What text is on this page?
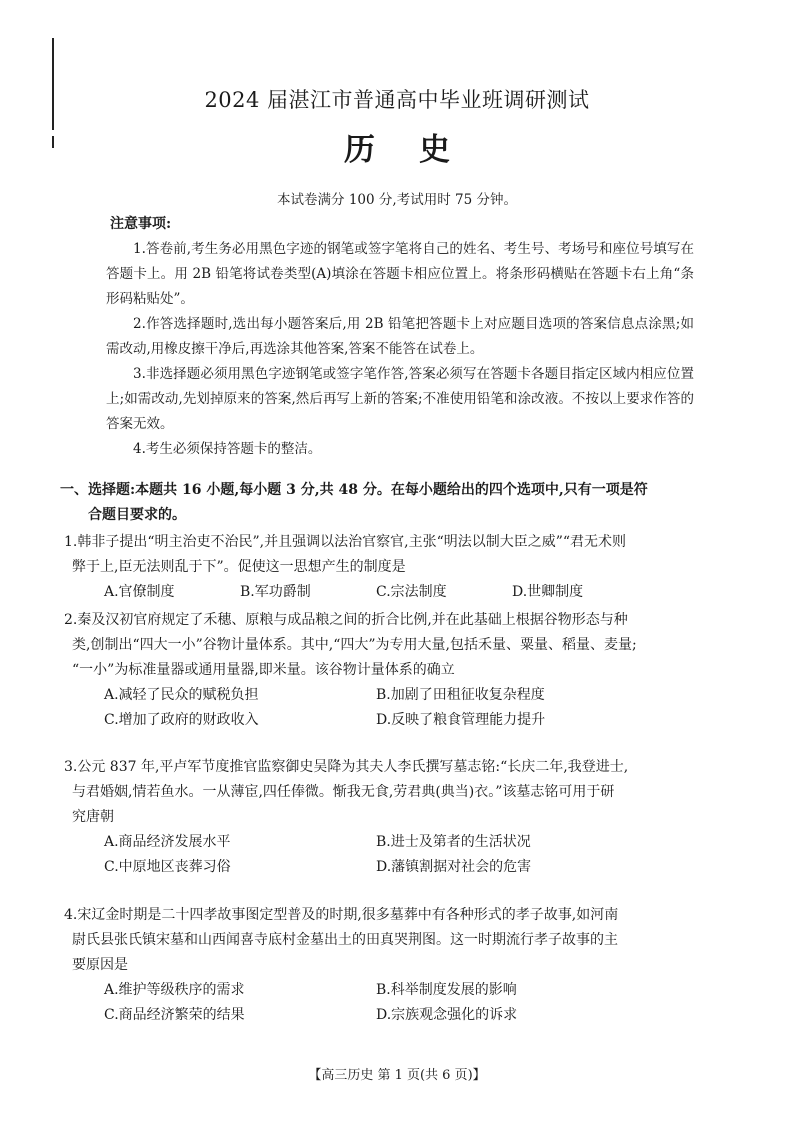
2024 届湛江市普通高中毕业班调研测试
历史
本试卷满分 100 分,考试用时 75 分钟。
注意事项:

1.答卷前,考生务必用黑色字迹的钢笔或签字笔将自己的姓名、考生号、考场号和座位号填写在答题卡上。用 2B 铅笔将试卷类型(A)填涂在答题卡相应位置上。将条形码横贴在答题卡右上角“条形码粘贴处”。

2.作答选择题时,选出每小题答案后,用 2B 铅笔把答题卡上对应题目选项的答案信息点涂黑;如需改动,用橡皮擦干净后,再选涂其他答案,答案不能答在试卷上。

3.非选择题必须用黑色字迹钢笔或签字笔作答,答案必须写在答题卡各题目指定区域内相应位置上;如需改动,先划掉原来的答案,然后再写上新的答案;不准使用铅笔和涂改液。不按以上要求作答的答案无效。

4.考生必须保持答题卡的整洁。

一、选择题:本题共 16 小题,每小题 3 分,共 48 分。在每小题给出的四个选项中,只有一项是符
合题目要求的。
1.韩非子提出“明主治吏不治民”,并且强调以法治官察官,主张“明法以制大臣之威”“君无术则
弊于上,臣无法则乱于下”。促使这一思想产生的制度是
A.官僚制度	B.军功爵制	C.宗法制度	D.世卿制度
2.秦及汉初官府规定了禾穗、原粮与成品粮之间的折合比例,并在此基础上根据谷物形态与种
类,创制出“四大一小”谷物计量体系。其中,“四大”为专用大量,包括禾量、粟量、稻量、麦量;
“一小”为标准量器或通用量器,即米量。该谷物计量体系的确立
A.减轻了民众的赋税负担	B.加剧了田租征收复杂程度
C.增加了政府的财政收入	D.反映了粮食管理能力提升
3.公元 837 年,平卢军节度推官监察御史吴降为其夫人李氏撰写墓志铭:“长庆二年,我登进士,
与君婚姻,情若鱼水。一从薄宦,四任俸微。惭我无食,劳君典(典当)衣。”该墓志铭可用于研
究唐朝
A.商品经济发展水平	B.进士及第者的生活状况
C.中原地区丧葬习俗	D.藩镇割据对社会的危害
4.宋辽金时期是二十四孝故事图定型普及的时期,很多墓葬中有各种形式的孝子故事,如河南
尉氏县张氏镇宋墓和山西闻喜寺底村金墓出土的田真哭荆图。这一时期流行孝子故事的主
要原因是
A.维护等级秩序的需求	B.科举制度发展的影响
C.商品经济繁荣的结果	D.宗族观念强化的诉求
【高三历史 第 1 页(共 6 页)】
